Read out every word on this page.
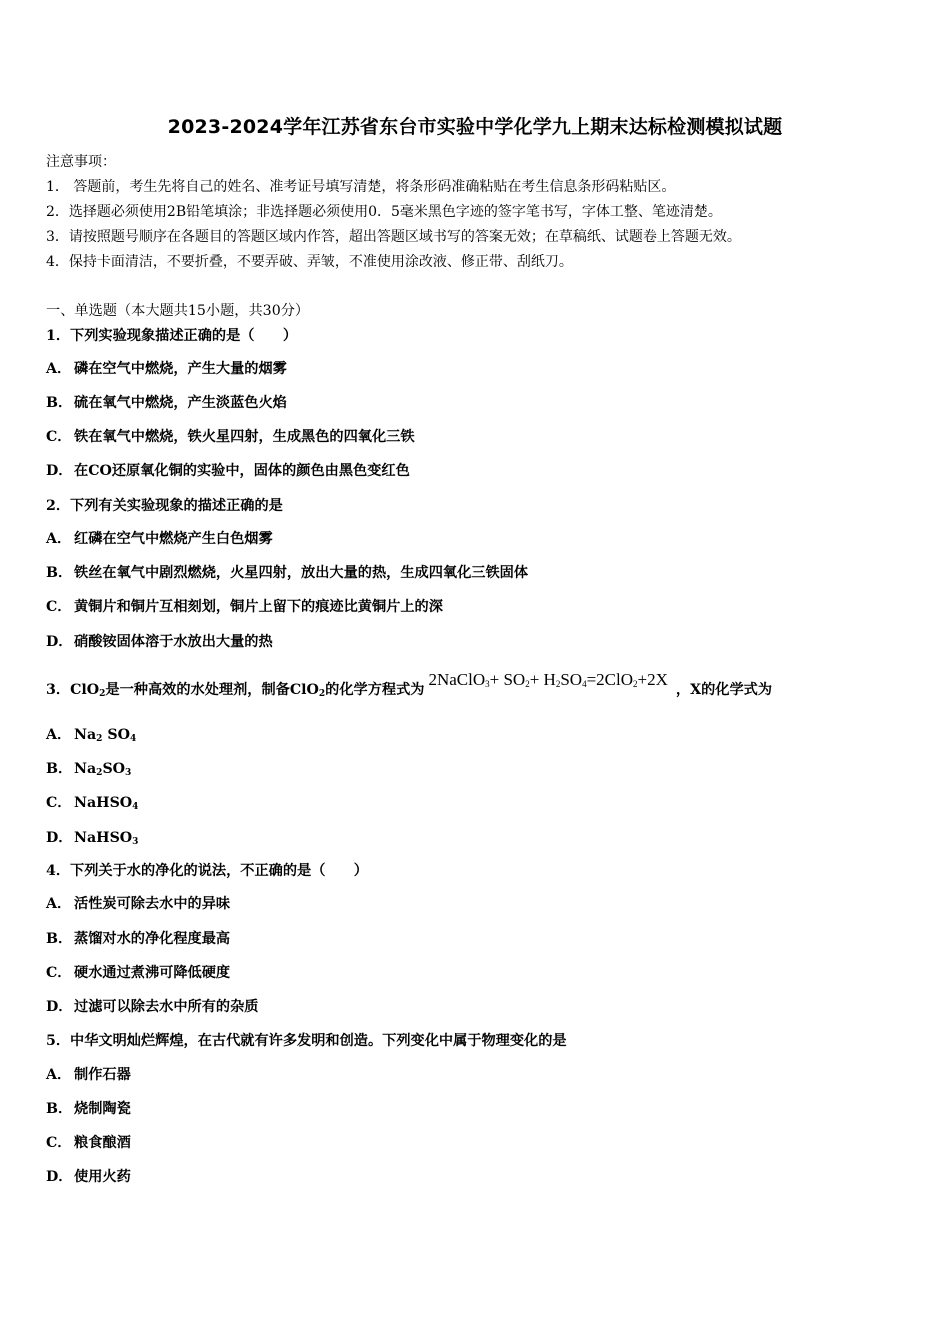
2023-2024学年江苏省东台市实验中学化学九上期末达标检测模拟试题
注意事项：
1． 答题前，考生先将自己的姓名、准考证号填写清楚，将条形码准确粘贴在考生信息条形码粘贴区。
2．选择题必须使用2B铅笔填涂；非选择题必须使用0．5毫米黑色字迹的签字笔书写，字体工整、笔迹清楚。
3．请按照题号顺序在各题目的答题区域内作答，超出答题区域书写的答案无效；在草稿纸、试题卷上答题无效。
4．保持卡面清洁，不要折叠，不要弄破、弄皱，不准使用涂改液、修正带、刮纸刀。
一、单选题（本大题共15小题，共30分）
1．下列实验现象描述正确的是（　　）
A． 磷在空气中燃烧，产生大量的烟雾
B． 硫在氧气中燃烧，产生淡蓝色火焰
C． 铁在氧气中燃烧，铁火星四射，生成黑色的四氧化三铁
D． 在CO还原氧化铜的实验中，固体的颜色由黑色变红色
2．下列有关实验现象的描述正确的是
A． 红磷在空气中燃烧产生白色烟雾
B． 铁丝在氧气中剧烈燃烧，火星四射，放出大量的热，生成四氧化三铁固体
C． 黄铜片和铜片互相刻划，铜片上留下的痕迹比黄铜片上的深
D． 硝酸铵固体溶于水放出大量的热
3．ClO$_2$是一种高效的水处理剂，制备ClO$_2$的化学方程式为2NaClO$_3$+ $SO_2+ H_2SO_4=2ClO_2+2X$，X的化学式为
A． $Na_2$ $SO_4$
B． $Na_2SO_3$
C． NaHSO$_4$
D． NaHSO$_3$
4．下列关于水的净化的说法，不正确的是（　　）
A． 活性炭可除去水中的异味
B． 蒸馏对水的净化程度最高
C． 硬水通过煮沸可降低硬度
D． 过滤可以除去水中所有的杂质
5．中华文明灿烂辉煌，在古代就有许多发明和创造。下列变化中属于物理变化的是
A． 制作石器
B． 烧制陶瓷
C． 粮食酿酒
D． 使用火药
